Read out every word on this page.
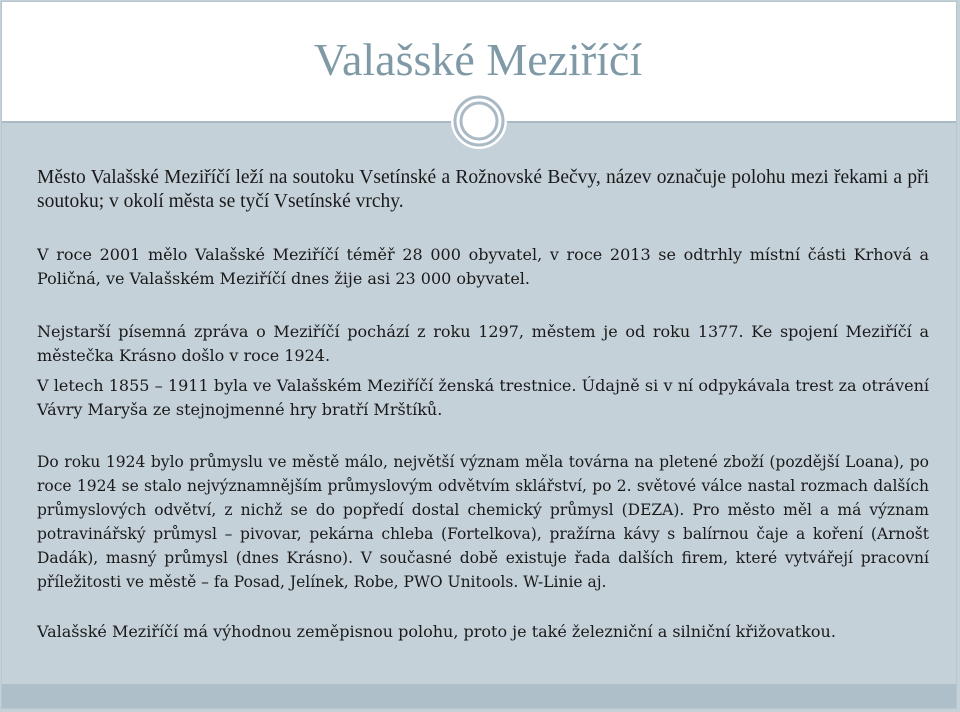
Valašské Meziříčí

Město Valašské Meziříčí leží na soutoku Vsetínské a Rožnovské Bečvy, název označuje polohu mezi řekami a při soutoku; v okolí města se tyčí Vsetínské vrchy.

V roce 2001 mělo Valašské Meziříčí téměř 28 000 obyvatel, v roce 2013 se odtrhly místní části Krhová a Poličná, ve Valašském Meziříčí dnes žije asi 23 000 obyvatel.

Nejstarší písemná zpráva o Meziříčí pochází z roku 1297, městem je od roku 1377. Ke spojení Meziříčí a městečka Krásno došlo v roce 1924.

V letech 1855 – 1911 byla ve Valašském Meziříčí ženská trestnice. Údajně si v ní odpykávala trest za otrávení Vávry Maryša ze stejnojmenné hry bratří Mrštíků.

Do roku 1924 bylo průmyslu ve městě málo, největší význam měla továrna na pletené zboží (pozdější Loana), po roce 1924 se stalo nejvýznamnějším průmyslovým odvětvím sklářství, po 2. světové válce nastal rozmach dalších průmyslových odvětví, z nichž se do popředí dostal chemický průmysl (DEZA). Pro město měl a má význam potravinářský průmysl – pivovar, pekárna chleba (Fortelkova), pražírna kávy s balírnou čaje a koření (Arnošt Dadák), masný průmysl (dnes Krásno). V současné době existuje řada dalších firem, které vytvářejí pracovní příležitosti ve městě – fa Posad, Jelínek, Robe, PWO Unitools. W-Linie aj.

Valašské Meziříčí má výhodnou zeměpisnou polohu, proto je také železniční a silniční křižovatkou.
